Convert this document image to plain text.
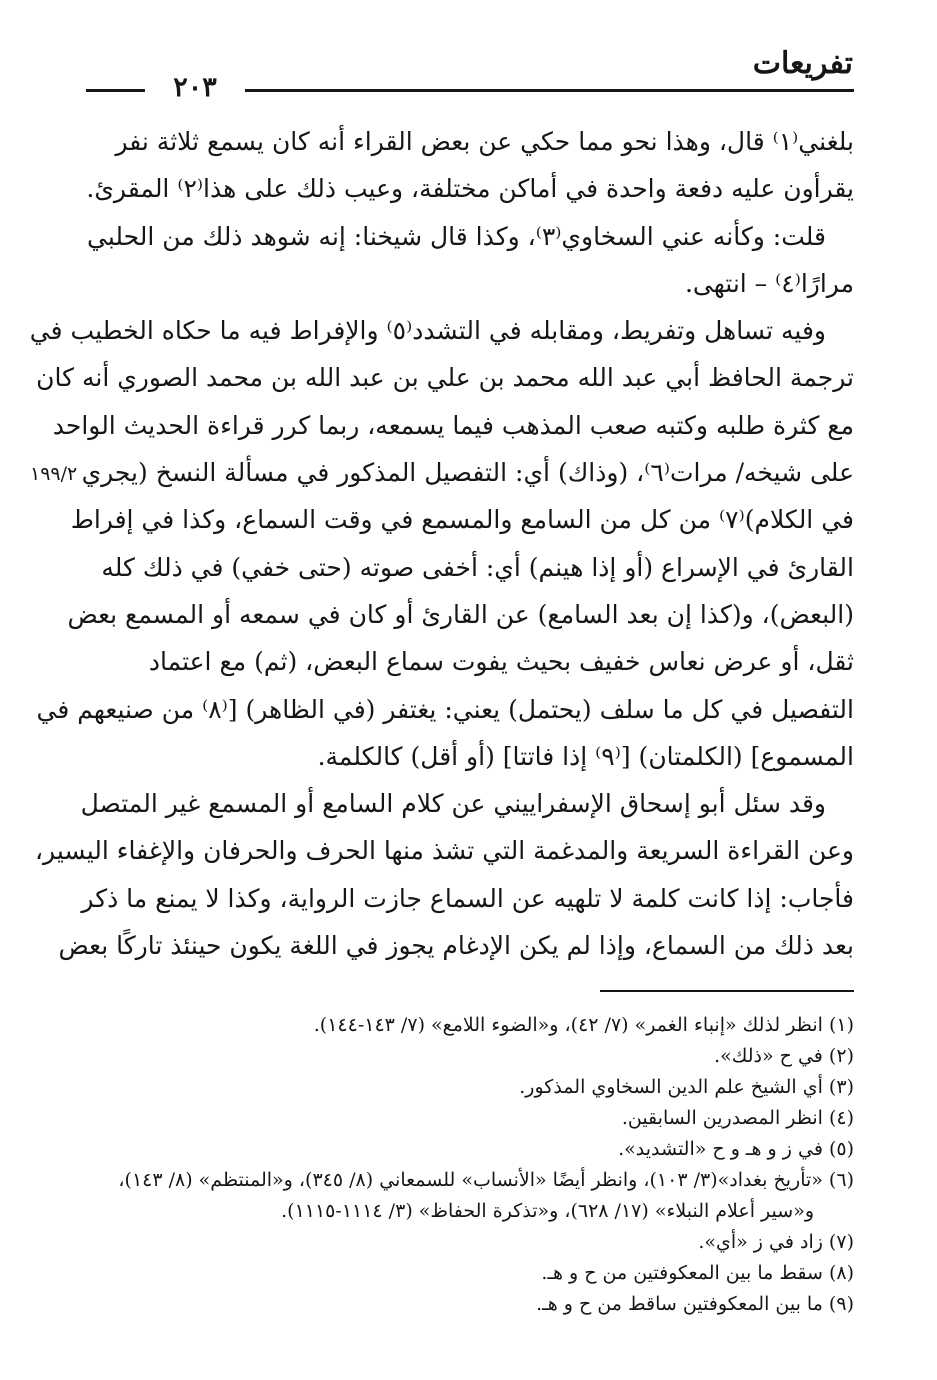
تفريعات
٢٠٣
١٩٩/٢
بلغني⁽١⁾ قال، وهذا نحو مما حكي عن بعض القراء أنه كان يسمع ثلاثة نفر
يقرأون عليه دفعة واحدة في أماكن مختلفة، وعيب ذلك على هذا⁽٢⁾ المقرئ.
قلت: وكأنه عني السخاوي⁽٣⁾، وكذا قال شيخنا: إنه شوهد ذلك من الحلبي
مرارًا⁽٤⁾ – انتهى.
وفيه تساهل وتفريط، ومقابله في التشدد⁽٥⁾ والإفراط فيه ما حكاه الخطيب في
ترجمة الحافظ أبي عبد الله محمد بن علي بن عبد الله بن محمد الصوري أنه كان
مع كثرة طلبه وكتبه صعب المذهب فيما يسمعه، ربما كرر قراءة الحديث الواحد
على شيخه/ مرات⁽٦⁾، (وذاك) أي: التفصيل المذكور في مسألة النسخ (يجري
في الكلام)⁽٧⁾ من كل من السامع والمسمع في وقت السماع، وكذا في إفراط
القارئ في الإسراع (أو إذا هينم) أي: أخفى صوته (حتى خفي) في ذلك كله
(البعض)، و(كذا إن بعد السامع) عن القارئ أو كان في سمعه أو المسمع بعض
ثقل، أو عرض نعاس خفيف بحيث يفوت سماع البعض، (ثم) مع اعتماد
التفصيل في كل ما سلف (يحتمل) يعني: يغتفر (في الظاهر) [⁽٨⁾ من صنيعهم في
المسموع] (الكلمتان) [⁽٩⁾ إذا فاتتا] (أو أقل) كالكلمة.
وقد سئل أبو إسحاق الإسفراييني عن كلام السامع أو المسمع غير المتصل
وعن القراءة السريعة والمدغمة التي تشذ منها الحرف والحرفان والإغفاء اليسير،
فأجاب: إذا كانت كلمة لا تلهيه عن السماع جازت الرواية، وكذا لا يمنع ما ذكر
بعد ذلك من السماع، وإذا لم يكن الإدغام يجوز في اللغة يكون حينئذ تاركًا بعض
(١) انظر لذلك «إنباء الغمر» (٧/ ٤٢)، و«الضوء اللامع» (٧/ ١٤٣-١٤٤).
(٢) في ح «ذلك».
(٣) أي الشيخ علم الدين السخاوي المذكور.
(٤) انظر المصدرين السابقين.
(٥) في ز و هـ و ح «التشديد».
(٦) «تأريخ بغداد»(٣/ ١٠٣)، وانظر أيضًا «الأنساب» للسمعاني (٨/ ٣٤٥)، و«المنتظم» (٨/ ١٤٣)،
و«سير أعلام النبلاء» (١٧/ ٦٢٨)، و«تذكرة الحفاظ» (٣/ ١١١٤-١١١٥).
(٧) زاد في ز «أي».
(٨) سقط ما بين المعكوفتين من ح و هـ.
(٩) ما بين المعكوفتين ساقط من ح و هـ.
